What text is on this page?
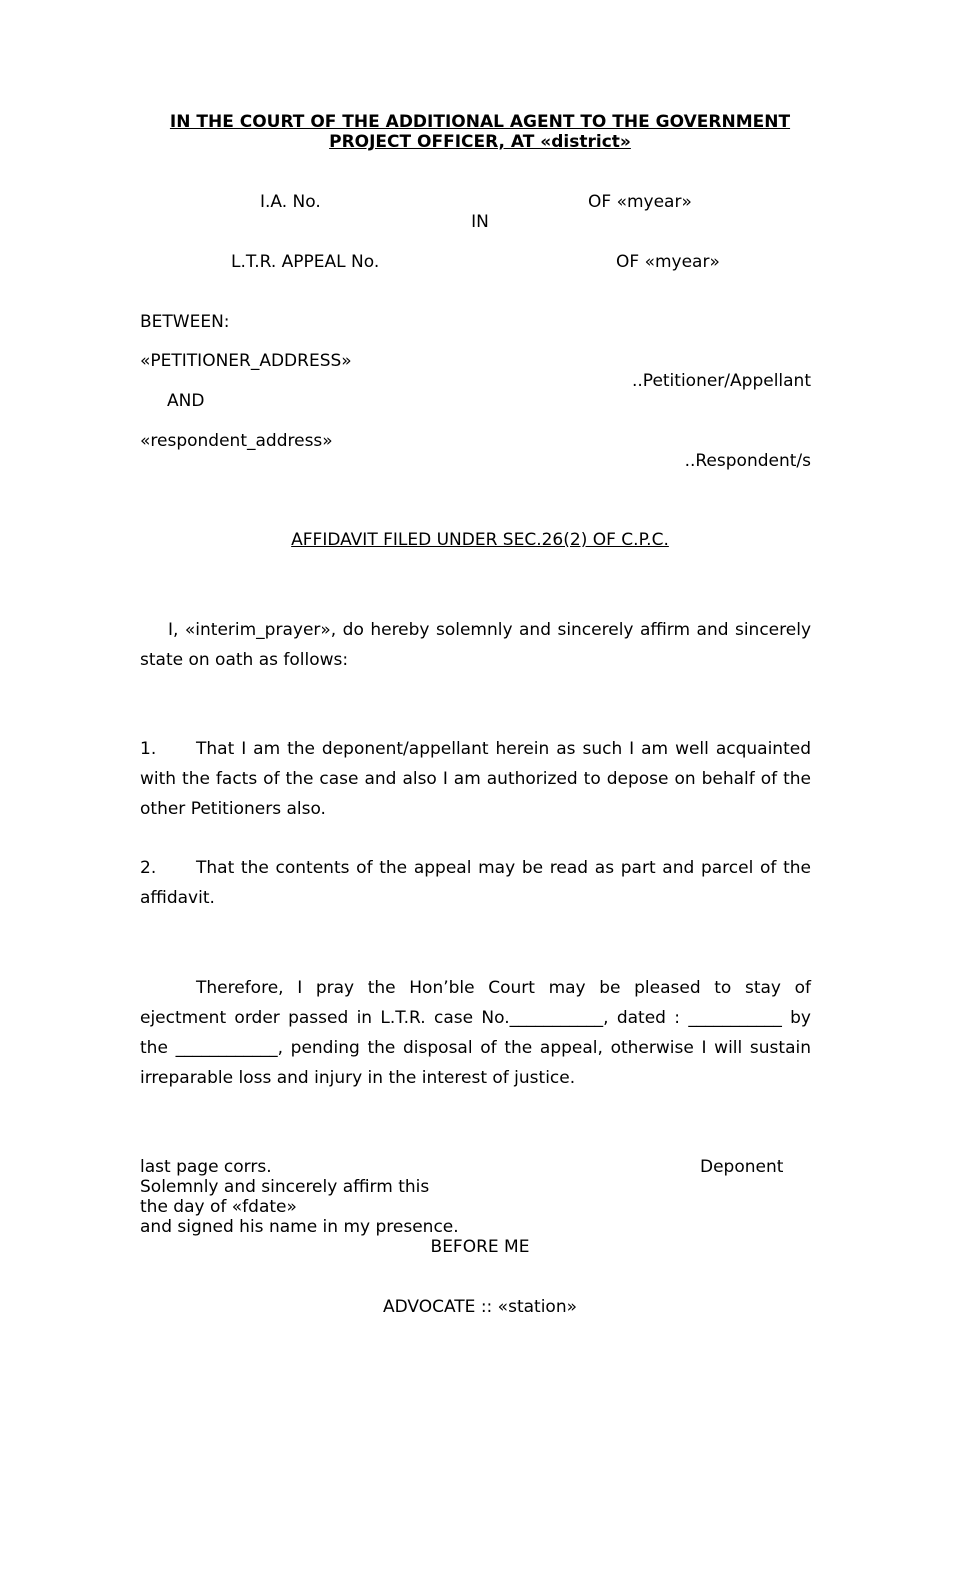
IN THE COURT OF THE ADDITIONAL AGENT TO THE GOVERNMENT
PROJECT OFFICER, AT «district»
I.A. No.	OF «myear»
IN
L.T.R. APPEAL No.	OF «myear»
BETWEEN:
«PETITIONER_ADDRESS»
..Petitioner/Appellant
AND
«respondent_address»
..Respondent/s
AFFIDAVIT FILED UNDER SEC.26(2) OF C.P.C.
I, «interim_prayer», do hereby solemnly and sincerely affirm and sincerely state on oath as follows:
1. That I am the deponent/appellant herein as such I am well acquainted with the facts of the case and also I am authorized to depose on behalf of the other Petitioners also.
2. That the contents of the appeal may be read as part and parcel of the affidavit.
Therefore, I pray the Hon’ble Court may be pleased to stay of ejectment order passed in L.T.R. case No.___________, dated : ___________ by the ____________, pending the disposal of the appeal, otherwise I will sustain irreparable loss and injury in the interest of justice.
last page corrs.	Deponent
Solemnly and sincerely affirm this
the day of «fdate»
and signed his name in my presence.
BEFORE ME
ADVOCATE :: «station»
